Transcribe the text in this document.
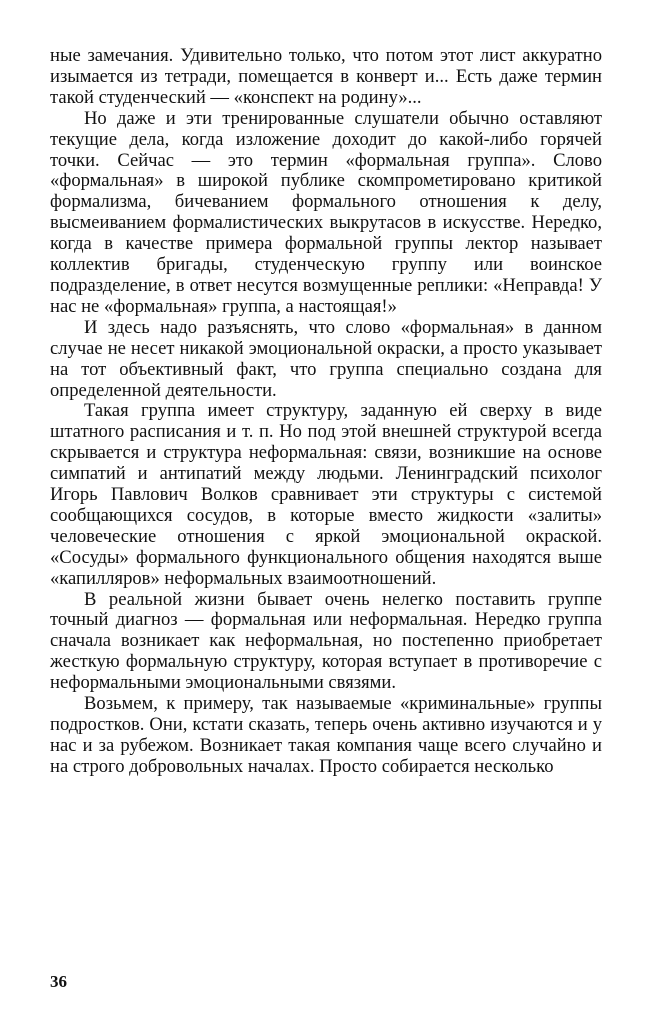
ные замечания. Удивительно только, что потом этот лист аккуратно изымается из тетради, помещается в конверт и... Есть даже термин такой студенческий — «конспект на родину»...

Но даже и эти тренированные слушатели обычно оставляют текущие дела, когда изложение доходит до какой-либо горячей точки. Сейчас — это термин «формальная группа». Слово «формальная» в широкой публике скомпрометировано критикой формализма, бичеванием формального отношения к делу, высмеиванием формалистических выкрутасов в искусстве. Нередко, когда в качестве примера формальной группы лектор называет коллектив бригады, студенческую группу или воинское подразделение, в ответ несутся возмущенные реплики: «Неправда! У нас не «формальная» группа, а настоящая!»

И здесь надо разъяснять, что слово «формальная» в данном случае не несет никакой эмоциональной окраски, а просто указывает на тот объективный факт, что группа специально создана для определенной деятельности.

Такая группа имеет структуру, заданную ей сверху в виде штатного расписания и т. п. Но под этой внешней структурой всегда скрывается и структура неформальная: связи, возникшие на основе симпатий и антипатий между людьми. Ленинградский психолог Игорь Павлович Волков сравнивает эти структуры с системой сообщающихся сосудов, в которые вместо жидкости «залиты» человеческие отношения с яркой эмоциональной окраской. «Сосуды» формального функционального общения находятся выше «капилляров» неформальных взаимоотношений.

В реальной жизни бывает очень нелегко поставить группе точный диагноз — формальная или неформальная. Нередко группа сначала возникает как неформальная, но постепенно приобретает жесткую формальную структуру, которая вступает в противоречие с неформальными эмоциональными связями.

Возьмем, к примеру, так называемые «криминальные» группы подростков. Они, кстати сказать, теперь очень активно изучаются и у нас и за рубежом. Возникает такая компания чаще всего случайно и на строго добровольных началах. Просто собирается несколько

36
